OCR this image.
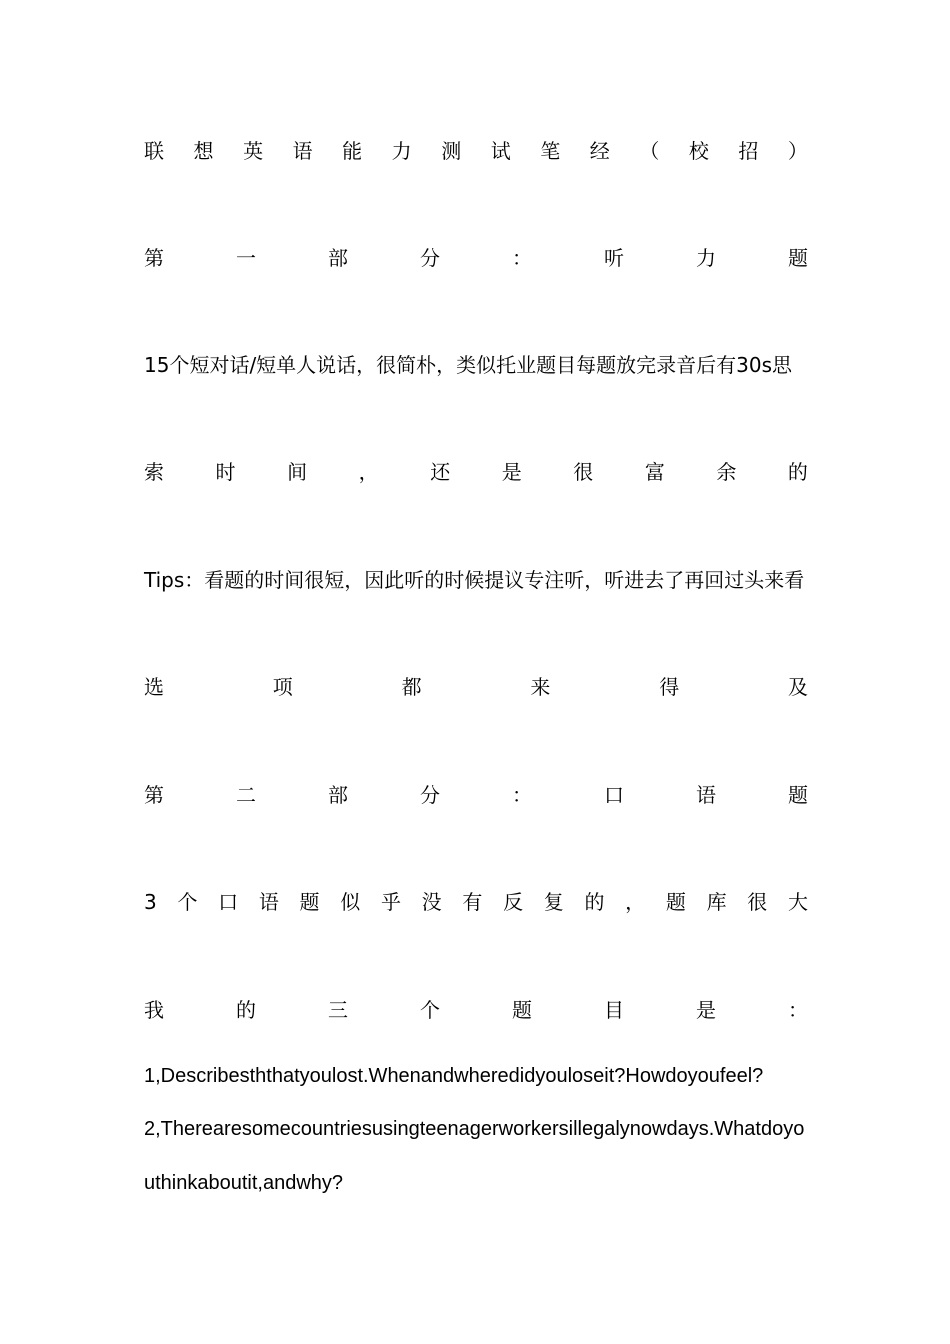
联 想 英 语 能 力 测 试 笔 经 （ 校 招 ）
第	一	部	分	：	听	力	题
15个短对话/短单人说话，很简朴，类似托业题目每题放完录音后有30s思
索	时	间	，	还	是	很	富	余	的
Tips：看题的时间很短，因此听的时候提议专注听，听进去了再回过头来看
选	项	都	来	得	及
第	二	部	分	：	口	语	题
3 个 口 语 题 似 乎 没 有 反 复 的 ， 题 库 很 大
我	的	三	个	题	目	是	：
1,Describesththatyoulost.Whenandwheredidyouloseit?Howdoyoufeel?
2,Therearesomecountriesusingteenagerworkersillegalynowdays.Whatdoyo
uthinkaboutit,andwhy?
